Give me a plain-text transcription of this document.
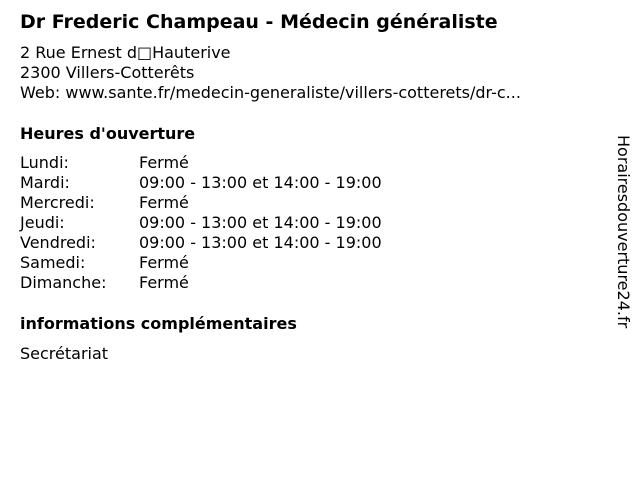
Dr Frederic Champeau - Médecin généraliste
2 Rue Ernest d□Hauterive
2300 Villers-Cotterêts
Web: www.sante.fr/medecin-generaliste/villers-cotterets/dr-c...
Heures d'ouverture
Lundi:	Fermé
Mardi:	09:00 - 13:00 et 14:00 - 19:00
Mercredi:	Fermé
Jeudi:	09:00 - 13:00 et 14:00 - 19:00
Vendredi:	09:00 - 13:00 et 14:00 - 19:00
Samedi:	Fermé
Dimanche: Fermé
informations complémentaires
Secrétariat
Horairesdouverture24.fr
